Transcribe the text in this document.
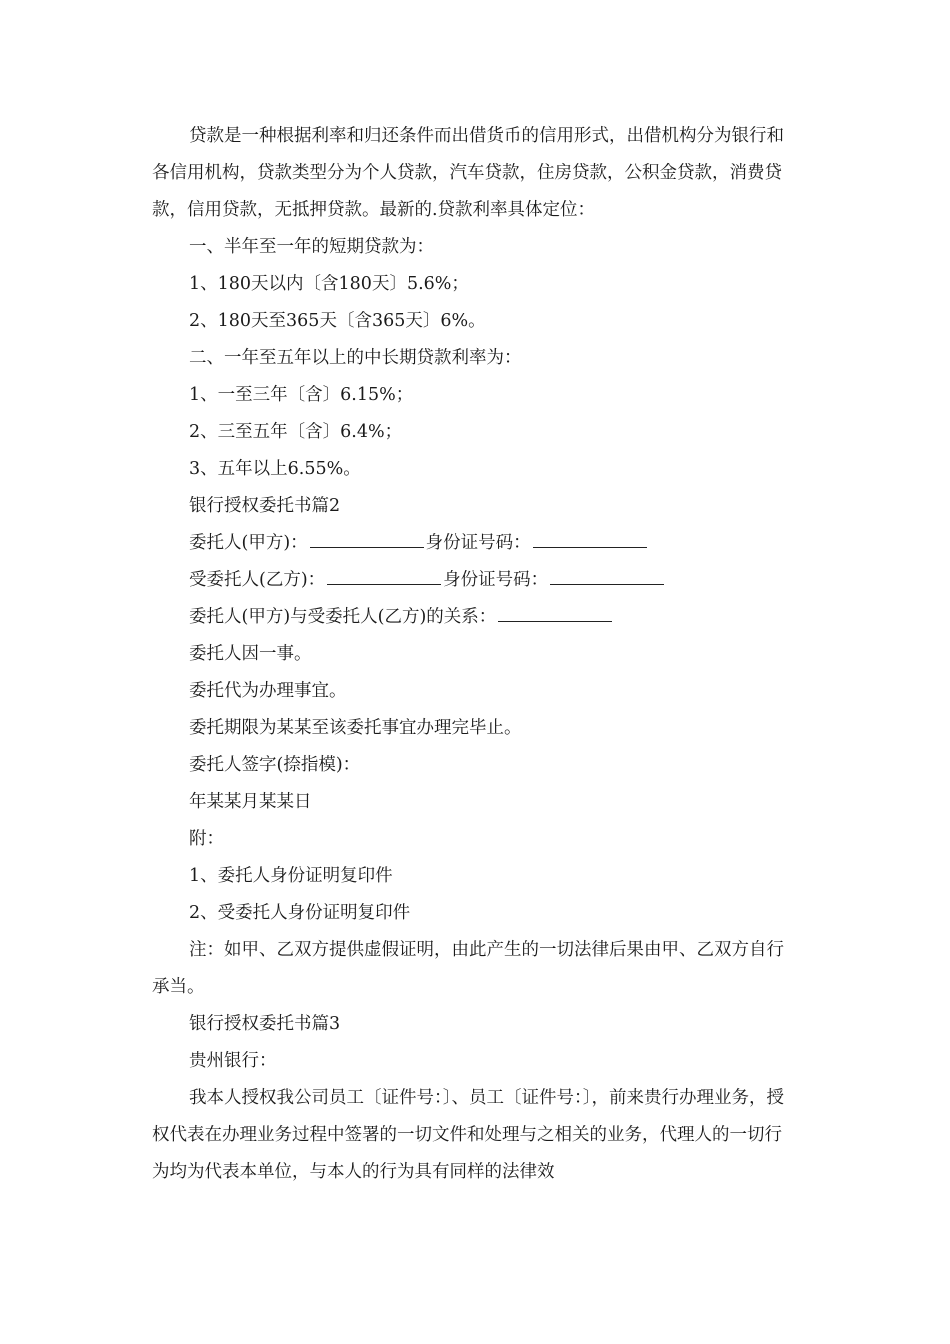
贷款是一种根据利率和归还条件而出借货币的信用形式，出借机构分为银行和各信用机构，贷款类型分为个人贷款，汽车贷款，住房贷款，公积金贷款，消费贷款，信用贷款，无抵押贷款。最新的.贷款利率具体定位：

一、半年至一年的短期贷款为：

1、180天以内〔含180天〕5.6%；

2、180天至365天〔含365天〕6%。

二、一年至五年以上的中长期贷款利率为：

1、一至三年〔含〕6.15%；

2、三至五年〔含〕6.4%；

3、五年以上6.55%。

银行授权委托书篇2

委托人(甲方)：	身份证号码：

受委托人(乙方)：	身份证号码：

委托人(甲方)与受委托人(乙方)的关系：

委托人因一事。

委托代为办理事宜。

委托期限为某某至该委托事宜办理完毕止。

委托人签字(捺指模)：

年某某月某某日

附：

1、委托人身份证明复印件

2、受委托人身份证明复印件

注：如甲、乙双方提供虚假证明，由此产生的一切法律后果由甲、乙双方自行承当。

银行授权委托书篇3

贵州银行：

我本人授权我公司员工〔证件号：〕、员工〔证件号：〕，前来贵行办理业务，授权代表在办理业务过程中签署的一切文件和处理与之相关的业务，代理人的一切行为均为代表本单位，与本人的行为具有同样的法律效
